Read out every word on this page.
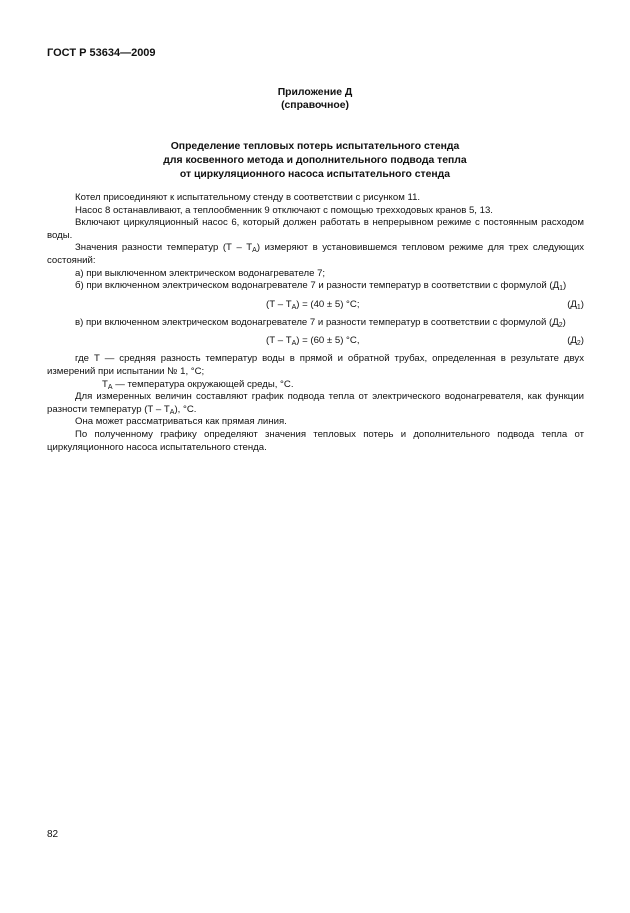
ГОСТ Р 53634—2009
Приложение Д
(справочное)
Определение тепловых потерь испытательного стенда
для косвенного метода и дополнительного подвода тепла
от циркуляционного насоса испытательного стенда

Котел присоединяют к испытательному стенду в соответствии с рисунком 11.

Насос 8 останавливают, а теплообменник 9 отключают с помощью трехходовых кранов 5, 13.

Включают циркуляционный насос 6, который должен работать в непрерывном режиме с постоянным расходом воды.

Значения разности температур $(Т - Т_A)$ измеряют в установившемся тепловом режиме для трех следующих состояний:

а) при выключенном электрическом водонагревателе 7;

б) при включенном электрическом водонагревателе 7 и разности температур в соответствии с формулой $(Д_1)$

$(Т - Т_A) = (40 \pm 5)$ °С;	$(Д_1)$

в) при включенном электрическом водонагревателе 7 и разности температур в соответствии с формулой $(Д_2)$

$(Т - Т_A) = (60 \pm 5)$ °С,	$(Д_2)$

где Т — средняя разность температур воды в прямой и обратной трубах, определенная в результате двух измерений при испытании № 1, °С;

$Т_A$ — температура окружающей среды, °С.

Для измеренных величин составляют график подвода тепла от электрического водонагревателя, как функции разности температур $(Т - Т_A)$, °С.

Она может рассматриваться как прямая линия.

По полученному графику определяют значения тепловых потерь и дополнительного подвода тепла от циркуляционного насоса испытательного стенда.

82
